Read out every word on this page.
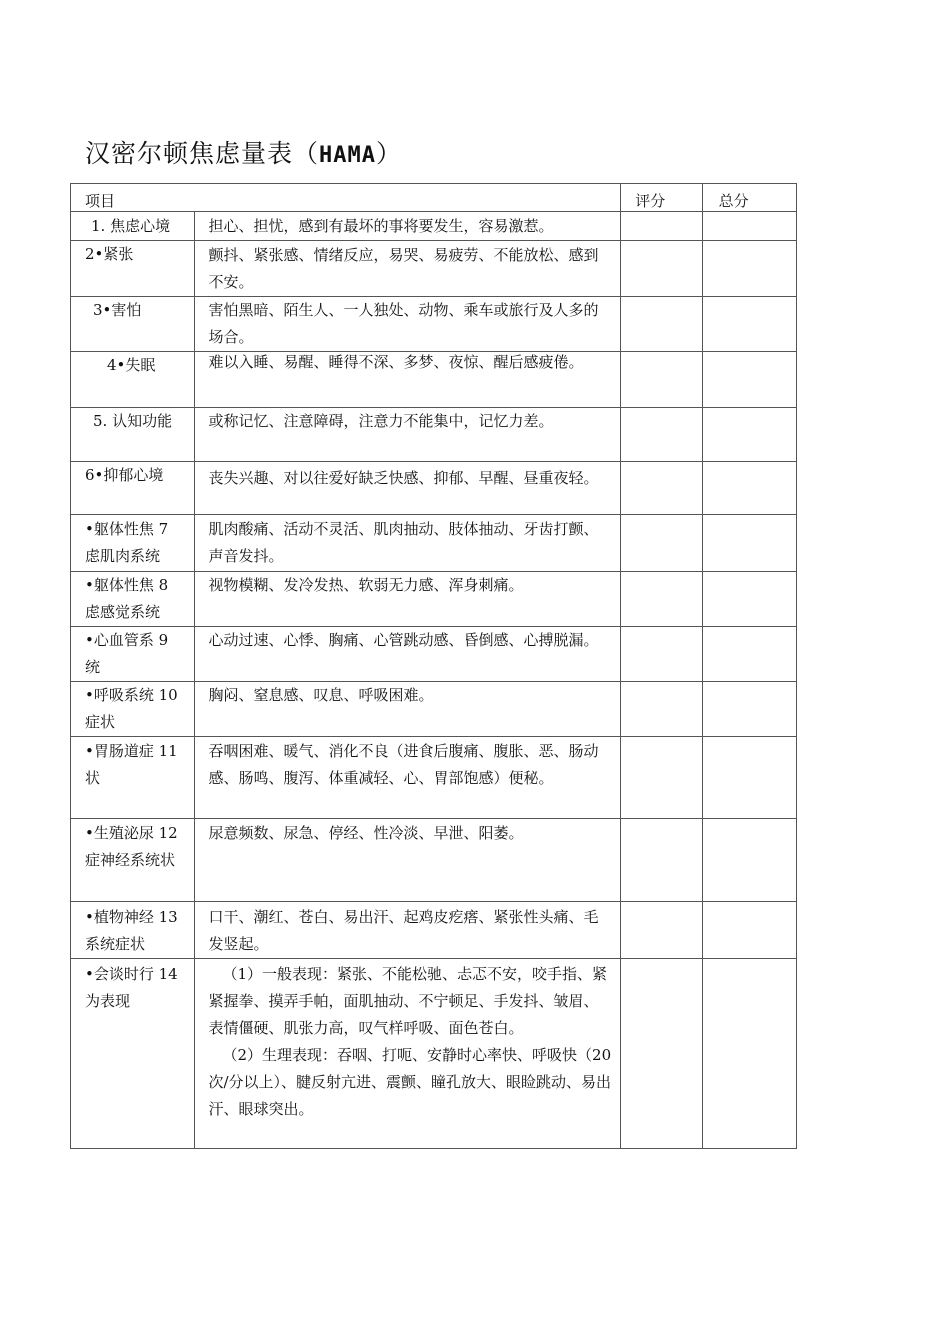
汉密尔顿焦虑量表（HAMA）
项目		评分	总分

1. 焦虑心境	担心、担忧，感到有最坏的事将要发生，容易激惹。		

2•紧张	颤抖、紧张感、情绪反应，易哭、易疲劳、不能放松、感到不安。		

3•害怕	害怕黑暗、陌生人、一人独处、动物、乘车或旅行及人多的场合。		

4•失眠	难以入睡、易醒、睡得不深、多梦、夜惊、醒后感疲倦。		

5. 认知功能	或称记忆、注意障碍，注意力不能集中，记忆力差。		

6•抑郁心境	丧失兴趣、对以往爱好缺乏快感、抑郁、早醒、昼重夜轻。		

•躯体性焦 7 虑肌肉系统	肌肉酸痛、活动不灵活、肌肉抽动、肢体抽动、牙齿打颤、声音发抖。		

•躯体性焦 8 虑感觉系统	视物模糊、发冷发热、软弱无力感、浑身刺痛。		

•心血管系 9 统	心动过速、心悸、胸痛、心管跳动感、昏倒感、心搏脱漏。		

•呼吸系统 10 症状	胸闷、窒息感、叹息、呼吸困难。		

•胃肠道症 11 状	吞咽困难、暖气、消化不良（进食后腹痛、腹胀、恶、肠动感、肠鸣、腹泻、体重减轻、心、胃部饱感）便秘。		

•生殖泌尿 12 症神经系统状	尿意频数、尿急、停经、性冷淡、早泄、阳萎。		

•植物神经 13 系统症状	口干、潮红、苍白、易出汗、起鸡皮疙瘩、紧张性头痛、毛发竖起。		

•会谈时行 14 为表现	（1）一般表现：紧张、不能松驰、忐忑不安，咬手指、紧紧握拳、摸弄手帕，面肌抽动、不宁顿足、手发抖、皱眉、表情僵硬、肌张力高，叹气样呼吸、面色苍白。

（2）生理表现：吞咽、打呃、安静时心率快、呼吸快（20 次/分以上）、腱反射亢进、震颤、瞳孔放大、眼睑跳动、易出汗、眼球突出。		
